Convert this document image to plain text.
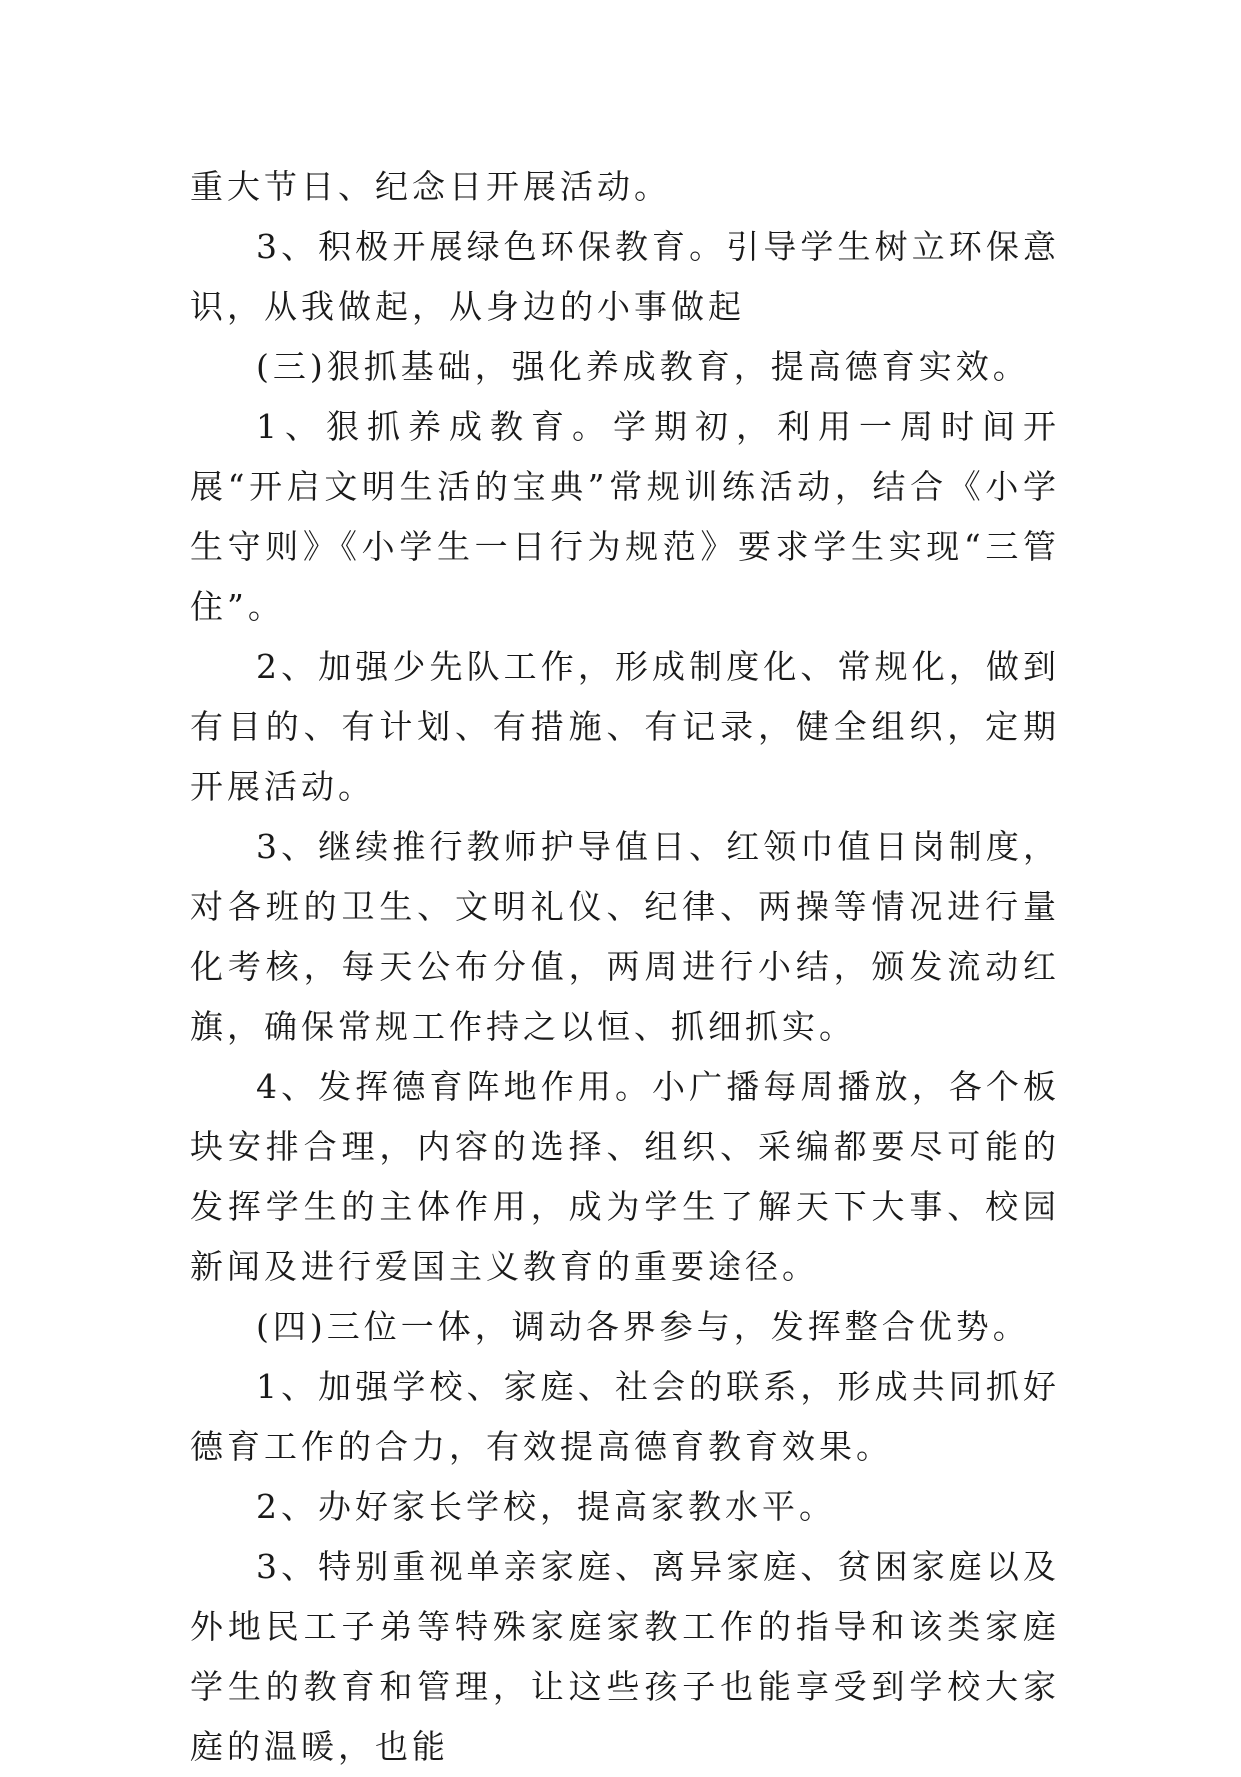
重大节日、纪念日开展活动。

3、积极开展绿色环保教育。引导学生树立环保意识，从我做起，从身边的小事做起

(三)狠抓基础，强化养成教育，提高德育实效。

1、狠抓养成教育。学期初，利用一周时间开展“开启文明生活的宝典”常规训练活动，结合《小学生守则》《小学生一日行为规范》要求学生实现“三管住”。

2、加强少先队工作，形成制度化、常规化，做到有目的、有计划、有措施、有记录，健全组织，定期开展活动。

3、继续推行教师护导值日、红领巾值日岗制度，对各班的卫生、文明礼仪、纪律、两操等情况进行量化考核，每天公布分值，两周进行小结，颁发流动红旗，确保常规工作持之以恒、抓细抓实。

4、发挥德育阵地作用。小广播每周播放，各个板块安排合理，内容的选择、组织、采编都要尽可能的发挥学生的主体作用，成为学生了解天下大事、校园新闻及进行爱国主义教育的重要途径。

(四)三位一体，调动各界参与，发挥整合优势。

1、加强学校、家庭、社会的联系，形成共同抓好德育工作的合力，有效提高德育教育效果。

2、办好家长学校，提高家教水平。

3、特别重视单亲家庭、离异家庭、贫困家庭以及外地民工子弟等特殊家庭家教工作的指导和该类家庭学生的教育和管理，让这些孩子也能享受到学校大家庭的温暖，也能
